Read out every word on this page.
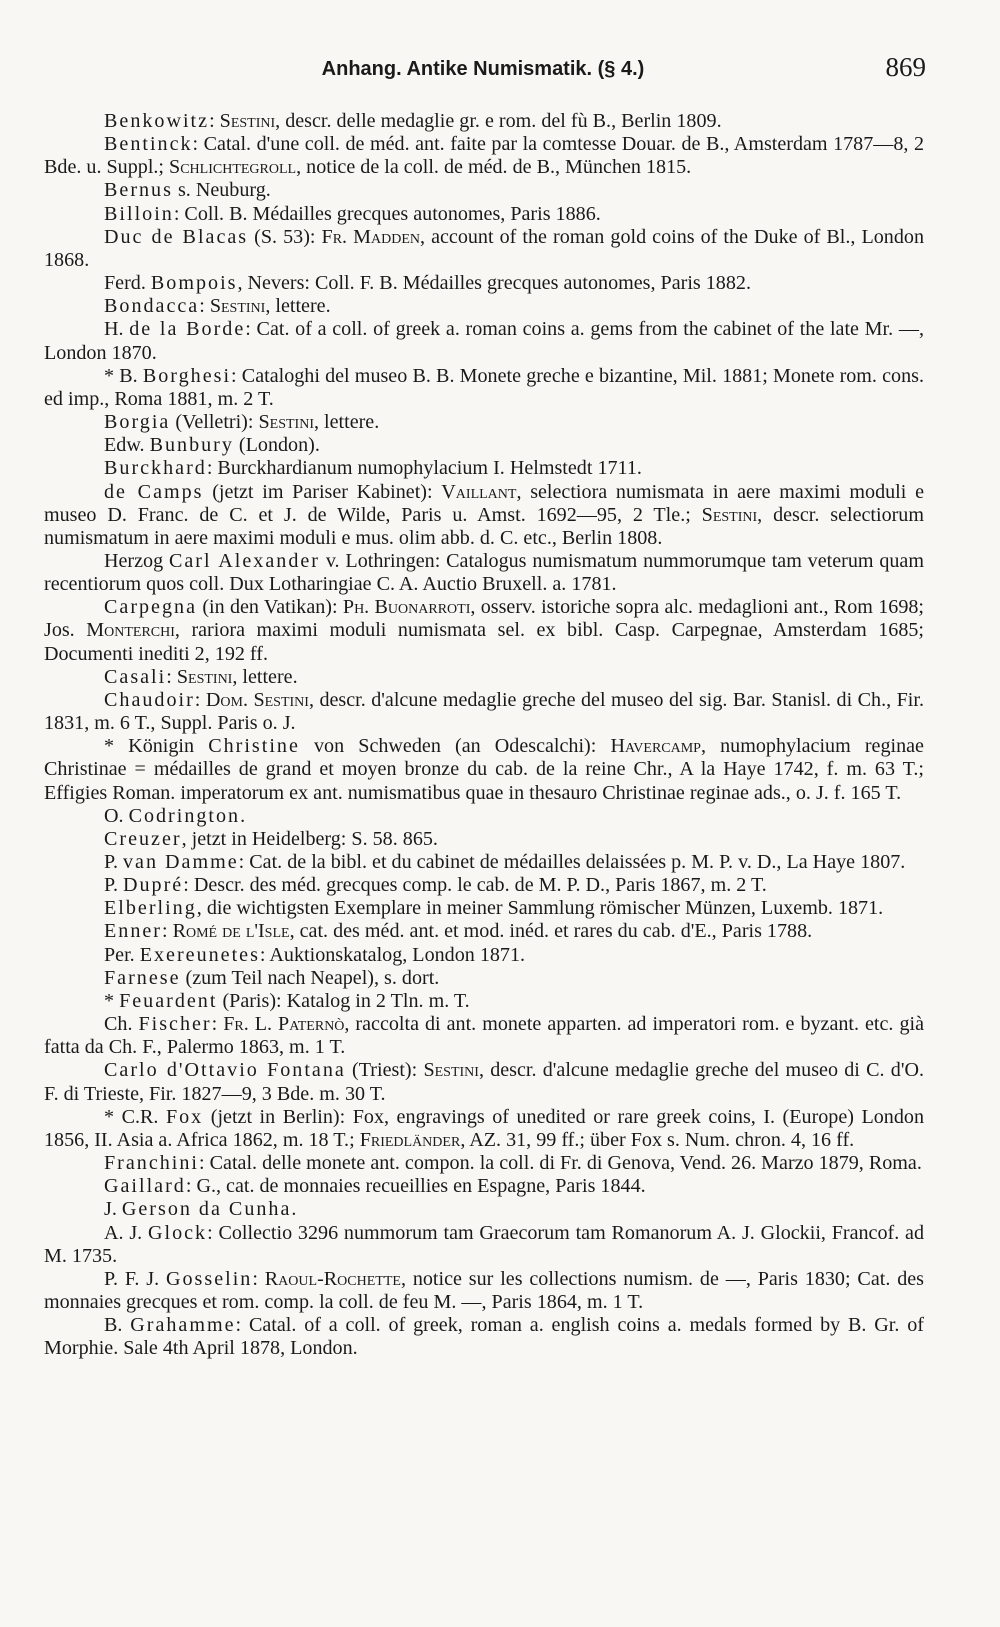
Anhang. Antike Numismatik. (§ 4.)	869

Benkowitz: Sestini, descr. delle medaglie gr. e rom. del fù B., Berlin 1809.

Bentinck: Catal. d'une coll. de méd. ant. faite par la comtesse Douar. de B., Amsterdam 1787—8, 2 Bde. u. Suppl.; Schlichtegroll, notice de la coll. de méd. de B., München 1815.

Bernus s. Neuburg.

Billoin: Coll. B. Médailles grecques autonomes, Paris 1886.

Duc de Blacas (S. 53): Fr. Madden, account of the roman gold coins of the Duke of Bl., London 1868.

Ferd. Bompois, Nevers: Coll. F. B. Médailles grecques autonomes, Paris 1882.

Bondacca: Sestini, lettere.

H. de la Borde: Cat. of a coll. of greek a. roman coins a. gems from the cabinet of the late Mr. —, London 1870.

* B. Borghesi: Cataloghi del museo B. B. Monete greche e bizantine, Mil. 1881; Monete rom. cons. ed imp., Roma 1881, m. 2 T.

Borgia (Velletri): Sestini, lettere.

Edw. Bunbury (London).

Burckhard: Burckhardianum numophylacium I. Helmstedt 1711.

de Camps (jetzt im Pariser Kabinet): Vaillant, selectiora numismata in aere maximi moduli e museo D. Franc. de C. et J. de Wilde, Paris u. Amst. 1692—95, 2 Tle.; Sestini, descr. selectiorum numismatum in aere maximi moduli e mus. olim abb. d. C. etc., Berlin 1808.

Herzog Carl Alexander v. Lothringen: Catalogus numismatum nummorumque tam veterum quam recentiorum quos coll. Dux Lotharingiae C. A. Auctio Bruxell. a. 1781.

Carpegna (in den Vatikan): Ph. Buonarroti, osserv. istoriche sopra alc. medaglioni ant., Rom 1698; Jos. Monterchi, rariora maximi moduli numismata sel. ex bibl. Casp. Carpegnae, Amsterdam 1685; Documenti inediti 2, 192 ff.

Casali: Sestini, lettere.

Chaudoir: Dom. Sestini, descr. d'alcune medaglie greche del museo del sig. Bar. Stanisl. di Ch., Fir. 1831, m. 6 T., Suppl. Paris o. J.

* Königin Christine von Schweden (an Odescalchi): Havercamp, numophylacium reginae Christinae = médailles de grand et moyen bronze du cab. de la reine Chr., A la Haye 1742, f. m. 63 T.; Effigies Roman. imperatorum ex ant. numismatibus quae in thesauro Christinae reginae ads., o. J. f. 165 T.

O. Codrington.

Creuzer, jetzt in Heidelberg: S. 58. 865.

P. van Damme: Cat. de la bibl. et du cabinet de médailles delaissées p. M. P. v. D., La Haye 1807.

P. Dupré: Descr. des méd. grecques comp. le cab. de M. P. D., Paris 1867, m. 2 T.

Elberling, die wichtigsten Exemplare in meiner Sammlung römischer Münzen, Luxemb. 1871.

Enner: Romé de l'Isle, cat. des méd. ant. et mod. inéd. et rares du cab. d'E., Paris 1788.

Per. Exereunetes: Auktionskatalog, London 1871.

Farnese (zum Teil nach Neapel), s. dort.

* Feuardent (Paris): Katalog in 2 Tln. m. T.

Ch. Fischer: Fr. L. Paternò, raccolta di ant. monete apparten. ad imperatori rom. e byzant. etc. già fatta da Ch. F., Palermo 1863, m. 1 T.

Carlo d'Ottavio Fontana (Triest): Sestini, descr. d'alcune medaglie greche del museo di C. d'O. F. di Trieste, Fir. 1827—9, 3 Bde. m. 30 T.

* C.R. Fox (jetzt in Berlin): Fox, engravings of unedited or rare greek coins, I. (Europe) London 1856, II. Asia a. Africa 1862, m. 18 T.; Friedländer, AZ. 31, 99 ff.; über Fox s. Num. chron. 4, 16 ff.

Franchini: Catal. delle monete ant. compon. la coll. di Fr. di Genova, Vend. 26. Marzo 1879, Roma.

Gaillard: G., cat. de monnaies recueillies en Espagne, Paris 1844.

J. Gerson da Cunha.

A. J. Glock: Collectio 3296 nummorum tam Graecorum tam Romanorum A. J. Glockii, Francof. ad M. 1735.

P. F. J. Gosselin: Raoul-Rochette, notice sur les collections numism. de —, Paris 1830; Cat. des monnaies grecques et rom. comp. la coll. de feu M. —, Paris 1864, m. 1 T.

B. Grahamme: Catal. of a coll. of greek, roman a. english coins a. medals formed by B. Gr. of Morphie. Sale 4th April 1878, London.
